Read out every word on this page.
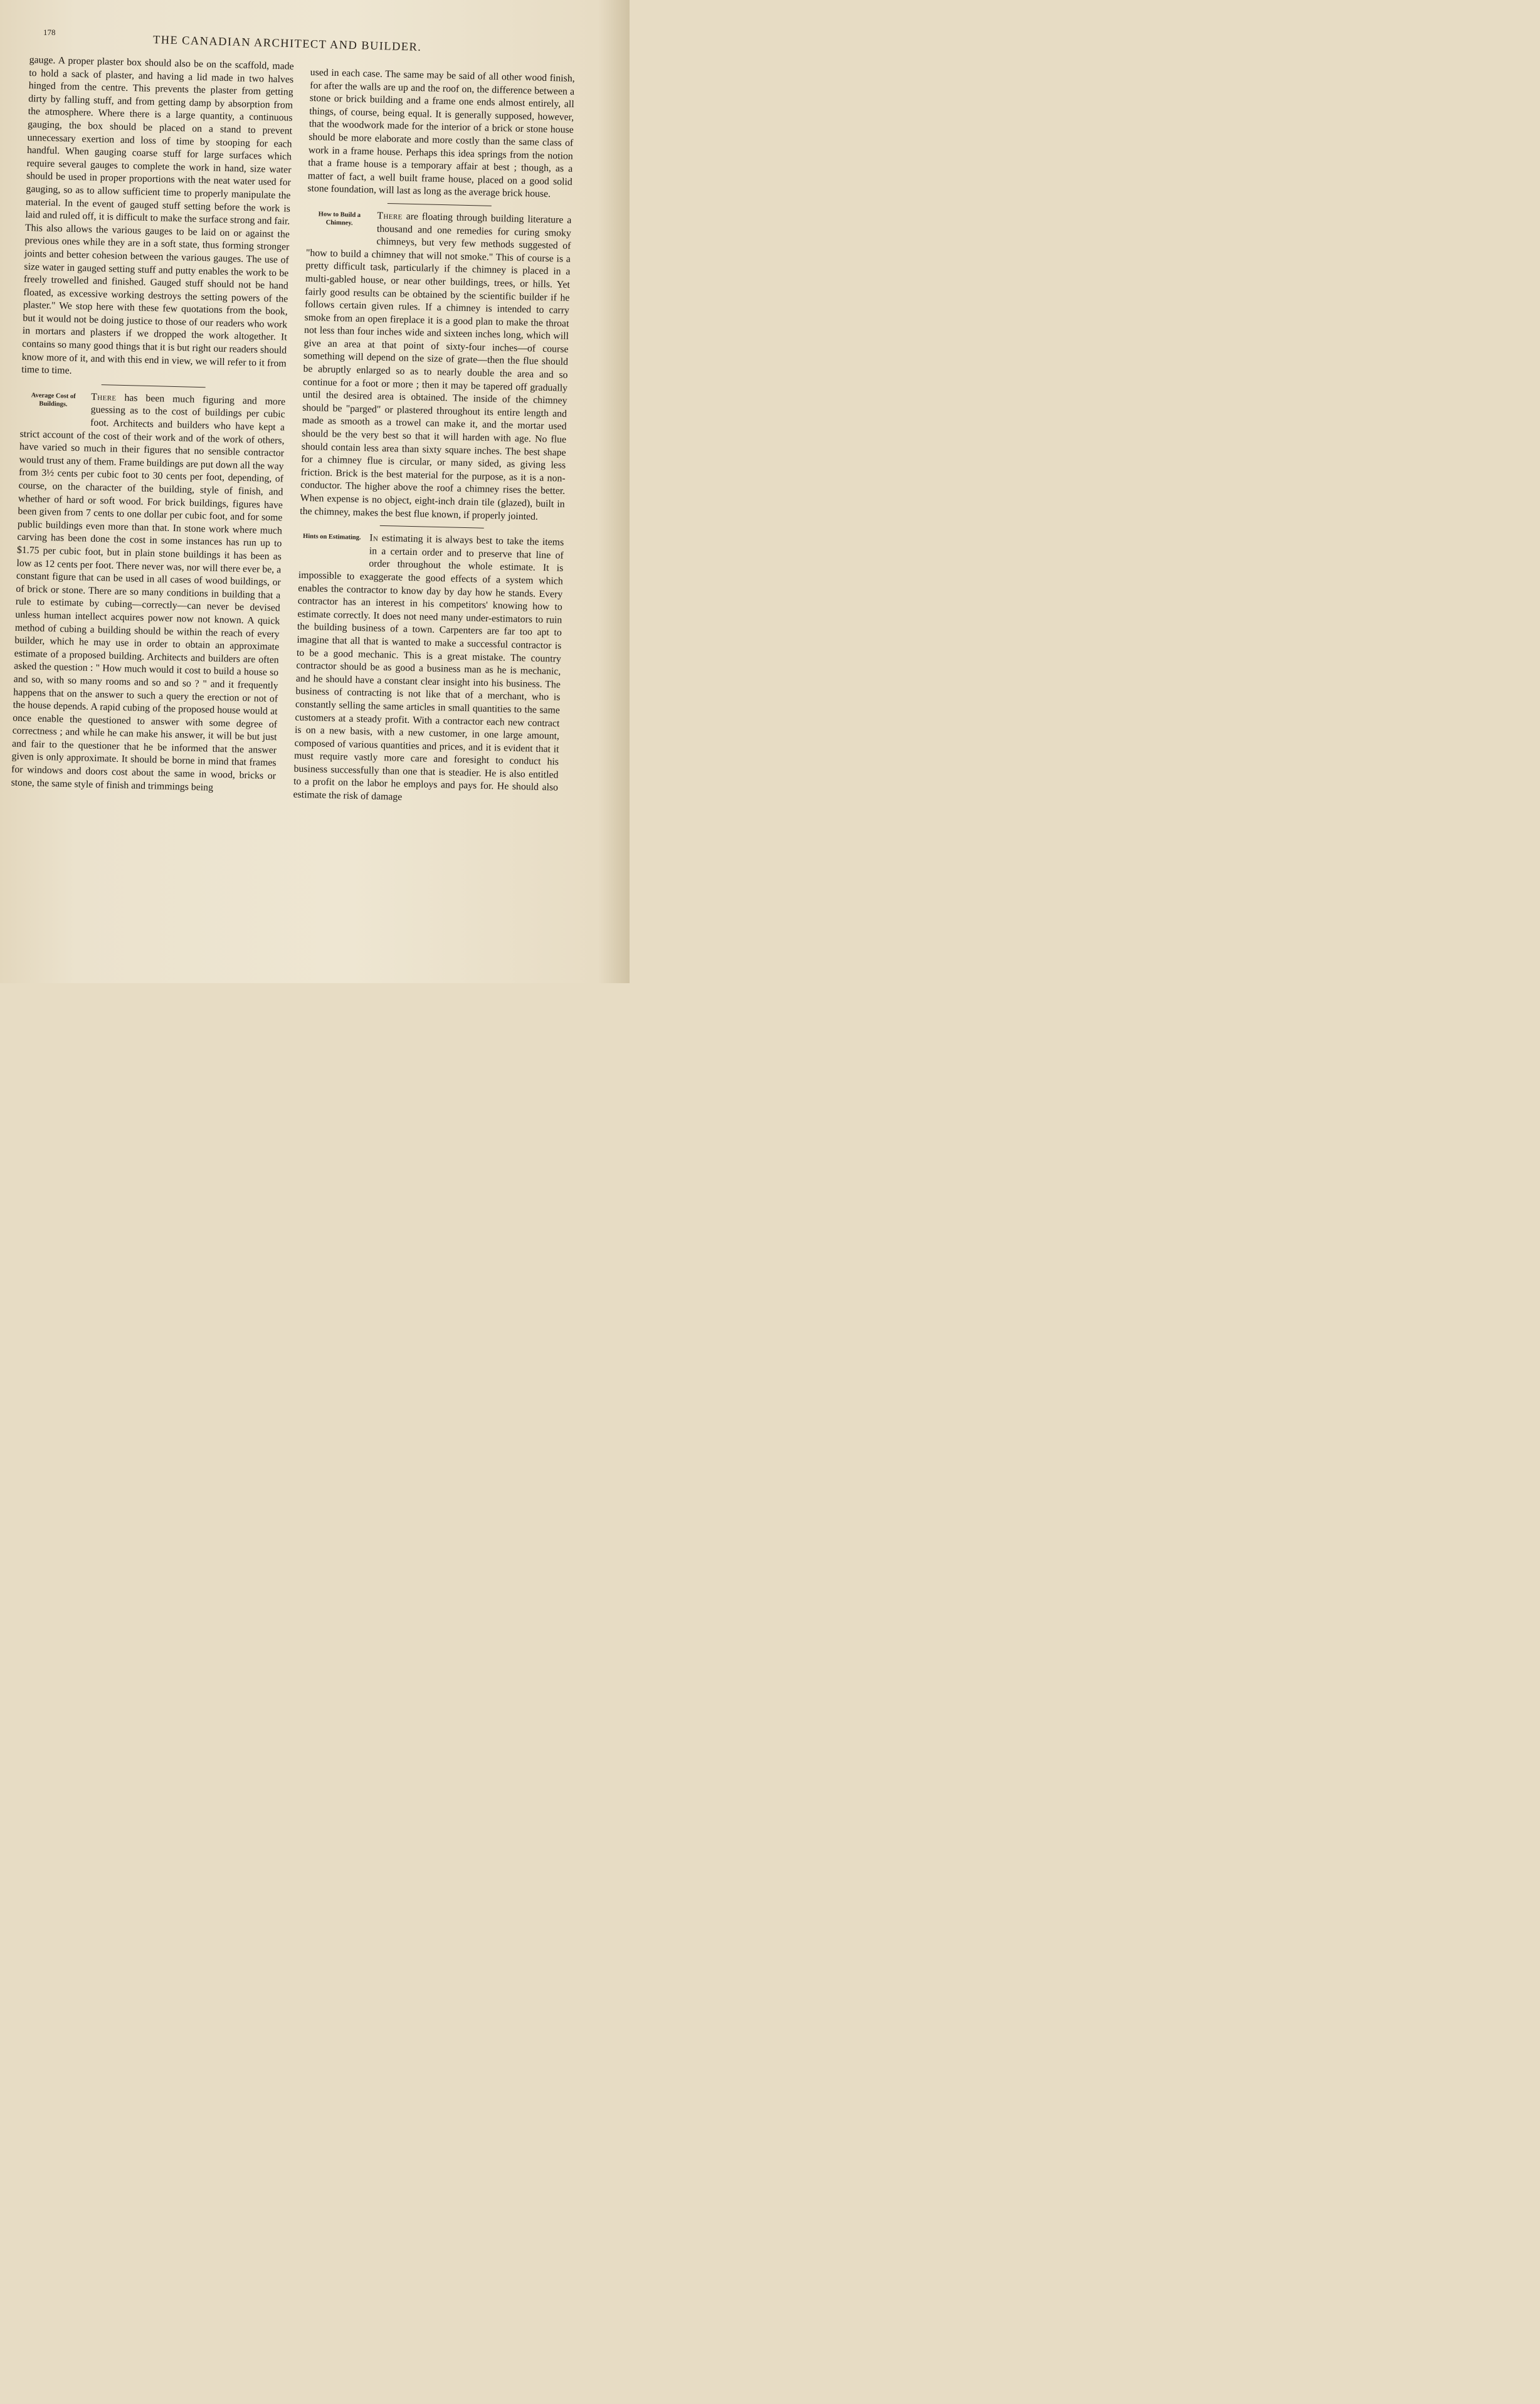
178
THE CANADIAN ARCHITECT AND BUILDER.

gauge. A proper plaster box should also be on the scaffold, made to hold a sack of plaster, and having a lid made in two halves hinged from the centre. This prevents the plaster from getting dirty by falling stuff, and from getting damp by absorption from the atmosphere. Where there is a large quantity, a continuous gauging, the box should be placed on a stand to prevent unnecessary exertion and loss of time by stooping for each handful. When gauging coarse stuff for large surfaces which require several gauges to complete the work in hand, size water should be used in proper proportions with the neat water used for gauging, so as to allow sufficient time to properly manipulate the material. In the event of gauged stuff setting before the work is laid and ruled off, it is difficult to make the surface strong and fair. This also allows the various gauges to be laid on or against the previous ones while they are in a soft state, thus forming stronger joints and better cohesion between the various gauges. The use of size water in gauged setting stuff and putty enables the work to be freely trowelled and finished. Gauged stuff should not be hand floated, as excessive working destroys the setting powers of the plaster." We stop here with these few quotations from the book, but it would not be doing justice to those of our readers who work in mortars and plasters if we dropped the work altogether. It contains so many good things that it is but right our readers should know more of it, and with this end in view, we will refer to it from time to time.

Average Cost of Buildings.

There has been much figuring and more guessing as to the cost of buildings per cubic foot. Architects and builders who have kept a strict account of the cost of their work and of the work of others, have varied so much in their figures that no sensible contractor would trust any of them. Frame buildings are put down all the way from 3½ cents per cubic foot to 30 cents per foot, depending, of course, on the character of the building, style of finish, and whether of hard or soft wood. For brick buildings, figures have been given from 7 cents to one dollar per cubic foot, and for some public buildings even more than that. In stone work where much carving has been done the cost in some instances has run up to $1.75 per cubic foot, but in plain stone buildings it has been as low as 12 cents per foot. There never was, nor will there ever be, a constant figure that can be used in all cases of wood buildings, or of brick or stone. There are so many conditions in building that a rule to estimate by cubing—correctly—can never be devised unless human intellect acquires power now not known. A quick method of cubing a building should be within the reach of every builder, which he may use in order to obtain an approximate estimate of a proposed building. Architects and builders are often asked the question : " How much would it cost to build a house so and so, with so many rooms and so and so ? " and it frequently happens that on the answer to such a query the erection or not of the house depends. A rapid cubing of the proposed house would at once enable the questioned to answer with some degree of correctness ; and while he can make his answer, it will be but just and fair to the questioner that he be informed that the answer given is only approximate. It should be borne in mind that frames for windows and doors cost about the same in wood, bricks or stone, the same style of finish and trimmings being

used in each case. The same may be said of all other wood finish, for after the walls are up and the roof on, the difference between a stone or brick building and a frame one ends almost entirely, all things, of course, being equal. It is generally supposed, however, that the woodwork made for the interior of a brick or stone house should be more elaborate and more costly than the same class of work in a frame house. Perhaps this idea springs from the notion that a frame house is a temporary affair at best ; though, as a matter of fact, a well built frame house, placed on a good solid stone foundation, will last as long as the average brick house.

How to Build a Chimney.

There are floating through building literature a thousand and one remedies for curing smoky chimneys, but very few methods suggested of "how to build a chimney that will not smoke." This of course is a pretty difficult task, particularly if the chimney is placed in a multi-gabled house, or near other buildings, trees, or hills. Yet fairly good results can be obtained by the scientific builder if he follows certain given rules. If a chimney is intended to carry smoke from an open fireplace it is a good plan to make the throat not less than four inches wide and sixteen inches long, which will give an area at that point of sixty-four inches—of course something will depend on the size of grate—then the flue should be abruptly enlarged so as to nearly double the area and so continue for a foot or more ; then it may be tapered off gradually until the desired area is obtained. The inside of the chimney should be "parged" or plastered throughout its entire length and made as smooth as a trowel can make it, and the mortar used should be the very best so that it will harden with age. No flue should contain less area than sixty square inches. The best shape for a chimney flue is circular, or many sided, as giving less friction. Brick is the best material for the purpose, as it is a non-conductor. The higher above the roof a chimney rises the better. When expense is no object, eight-inch drain tile (glazed), built in the chimney, makes the best flue known, if properly jointed.

Hints on Estimating. In estimating it is always best to take the items in a certain order and to preserve that line of order throughout the whole estimate. It is impossible to exaggerate the good effects of a system which enables the contractor to know day by day how he stands. Every contractor has an interest in his competitors' knowing how to estimate correctly. It does not need many under-estimators to ruin the building business of a town. Carpenters are far too apt to imagine that all that is wanted to make a successful contractor is to be a good mechanic. This is a great mistake. The country contractor should be as good a business man as he is mechanic, and he should have a constant clear insight into his business. The business of contracting is not like that of a merchant, who is constantly selling the same articles in small quantities to the same customers at a steady profit. With a contractor each new contract is on a new basis, with a new customer, in one large amount, composed of various quantities and prices, and it is evident that it must require vastly more care and foresight to conduct his business successfully than one that is steadier. He is also entitled to a profit on the labor he employs and pays for. He should also estimate the risk of damage
